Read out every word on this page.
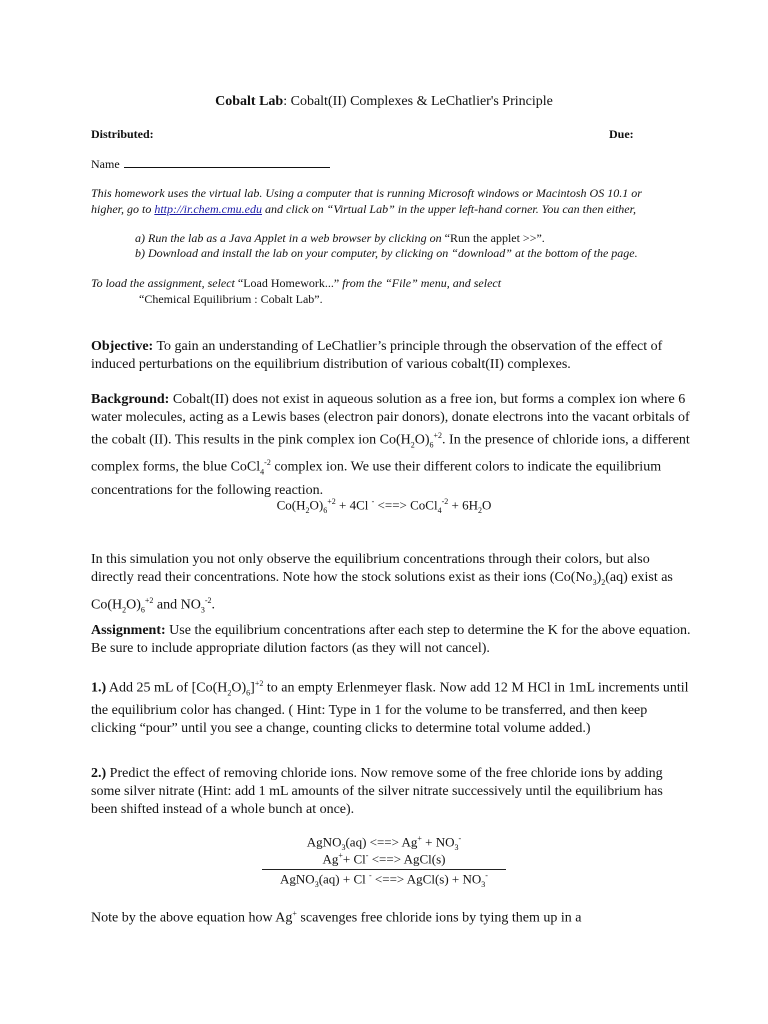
Cobalt Lab: Cobalt(II) Complexes & LeChatlier's Principle
Distributed:	Due:
Name
This homework uses the virtual lab. Using a computer that is running Microsoft windows or Macintosh OS 10.1 or
higher, go to http://ir.chem.cmu.edu and click on “Virtual Lab” in the upper left-hand corner. You can then either,
a) Run the lab as a Java Applet in a web browser by clicking on “Run the applet >>”.
b) Download and install the lab on your computer, by clicking on “download” at the bottom of the page.
To load the assignment, select “Load Homework...” from the “File” menu, and select
“Chemical Equilibrium : Cobalt Lab”.
Objective: To gain an understanding of LeChatlier’s principle through the observation of the effect of induced perturbations on the equilibrium distribution of various cobalt(II) complexes.
Background: Cobalt(II) does not exist in aqueous solution as a free ion, but forms a complex ion where 6 water molecules, acting as a Lewis bases (electron pair donors), donate electrons into the vacant orbitals of the cobalt (II). This results in the pink complex ion $Co(H_2O)_6^{+2}$. In the presence of chloride ions, a different complex forms, the blue CoCl$_4^{-2}$ complex ion. We use their different colors to indicate the equilibrium concentrations for the following reaction.
$Co(H_2O)_6^{+2} + 4Cl$ - <==> CoCl$_4^{-2}$ + $6H_2O$
In this simulation you not only observe the equilibrium concentrations through their colors, but also directly read their concentrations. Note how the stock solutions exist as their ions ($Co(No_3)_2(aq)$ exist as $Co(H_2O)_6^{+2}$ and $NO_3^{-2}$.
Assignment: Use the equilibrium concentrations after each step to determine the K for the above equation. Be sure to include appropriate dilution factors (as they will not cancel).
1.) Add 25 mL of $[Co(H_2O)_6]^{+2}$ to an empty Erlenmeyer flask. Now add 12 M HCl in 1mL increments until the equilibrium color has changed. ( Hint: Type in 1 for the volume to be transferred, and then keep clicking “pour” until you see a change, counting clicks to determine total volume added.)
2.) Predict the effect of removing chloride ions. Now remove some of the free chloride ions by adding some silver nitrate (Hint: add 1 mL amounts of the silver nitrate successively until the equilibrium has been shifted instead of a whole bunch at once).
AgNO$_3$(aq) <==> $Ag^+ + NO_3^-$
Ag++ Cl- <==> AgCl(s)
AgNO$_3$(aq) + Cl - <==> AgCl(s) + $NO_3^-$
Note by the above equation how Ag+ scavenges free chloride ions by tying them up in a
